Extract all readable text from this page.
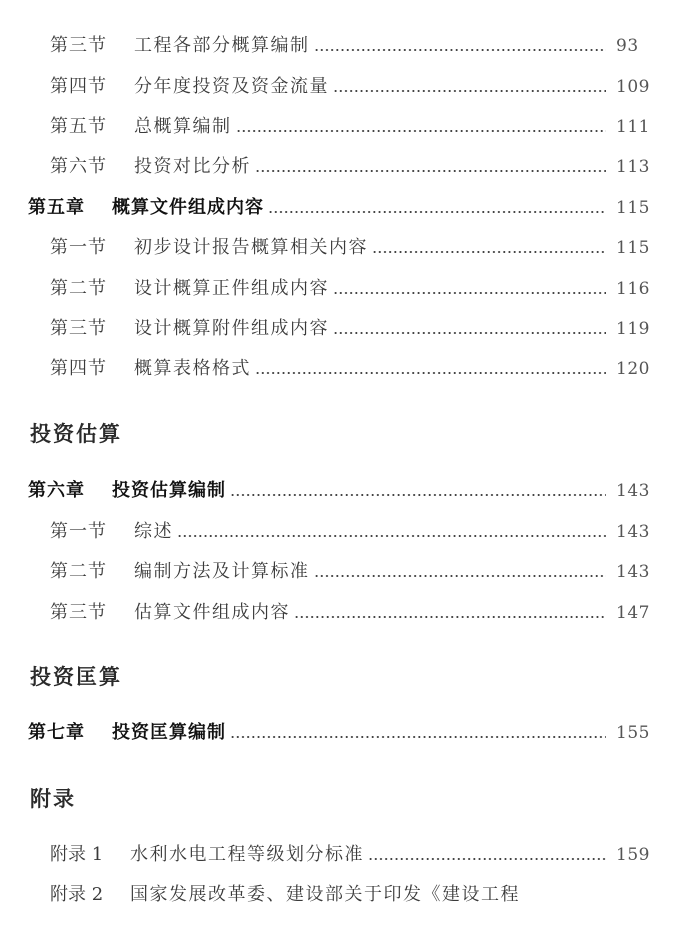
第三节	工程各部分概算编制	93
第四节	分年度投资及资金流量	109
第五节	总概算编制	111
第六节	投资对比分析	113
第五章	概算文件组成内容	115
第一节	初步设计报告概算相关内容	115
第二节	设计概算正件组成内容	116
第三节	设计概算附件组成内容	119
第四节	概算表格格式	120
投资估算
第六章	投资估算编制	143
第一节	综述	143
第二节	编制方法及计算标准	143
第三节	估算文件组成内容	147
投资匡算
第七章	投资匡算编制	155
附录
附录 1	水利水电工程等级划分标准	159
附录 2	国家发展改革委、建设部关于印发《建设工程
